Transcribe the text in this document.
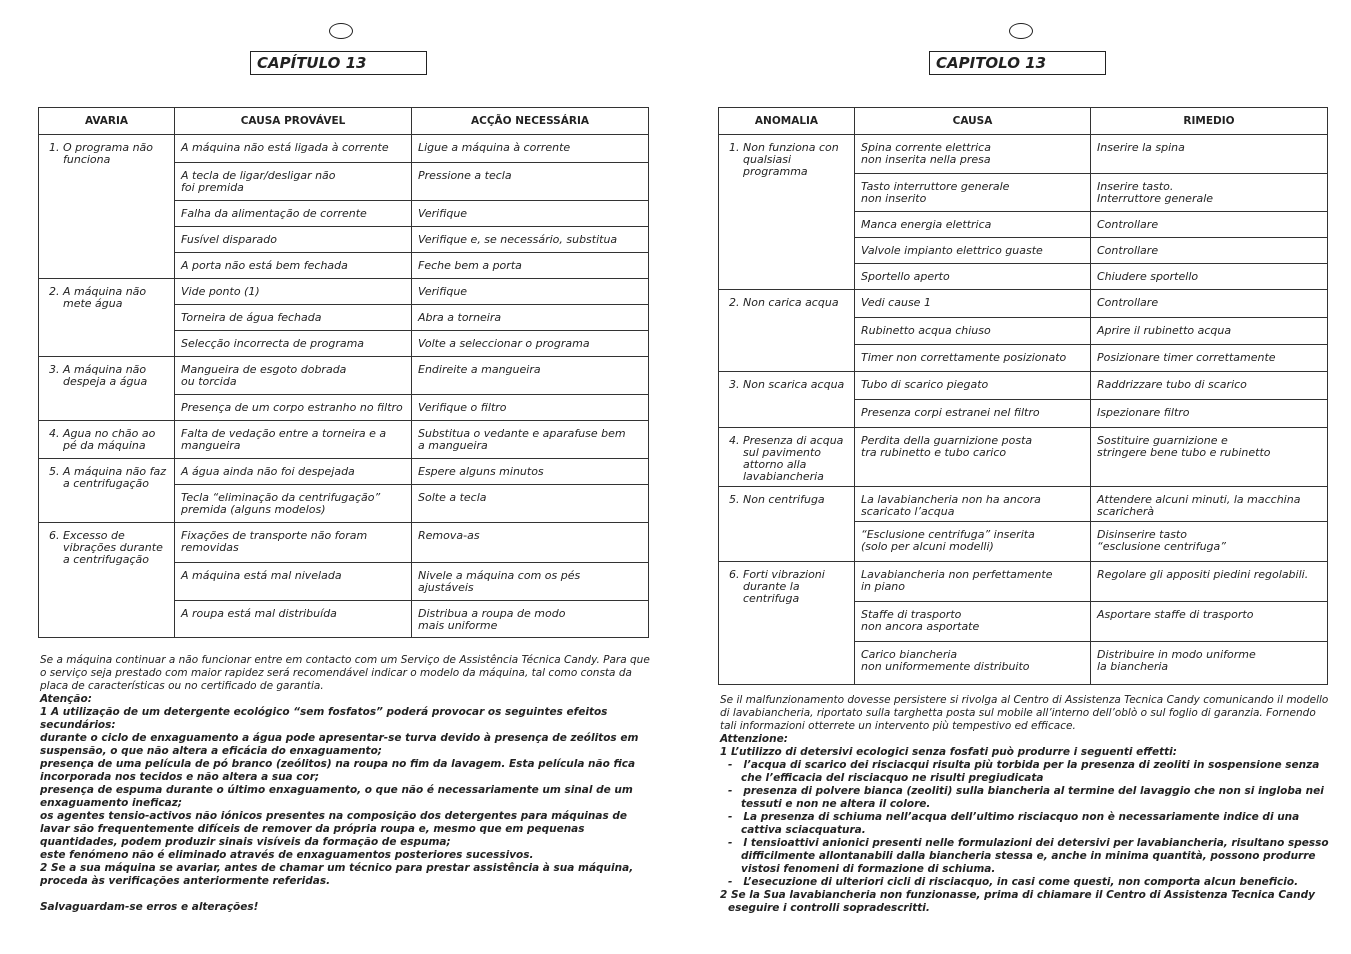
CAPÍTULO 13
AVARIA	CAUSA PROVÁVEL	ACÇÃO NECESSÁRIA

1. O programa não
funciona	A máquina não está ligada à corrente	Ligue a máquina à corrente
	A tecla de ligar/desligar não
foi premida	Pressione a tecla
	Falha da alimentação de corrente	Verifique
	Fusível disparado	Verifique e, se necessário, substitua
	A porta não está bem fechada	Feche bem a porta

2. A máquina não
mete água	Vide ponto (1)	Verifique
	Torneira de água fechada	Abra a torneira
	Selecção incorrecta de programa	Volte a seleccionar o programa

3. A máquina não
despeja a água	Mangueira de esgoto dobrada
ou torcida	Endireite a mangueira
	Presença de um corpo estranho no filtro	Verifique o filtro

4. Agua no chão ao
pé da máquina	Falta de vedação entre a torneira e a
mangueira	Substitua o vedante e aparafuse bem
a mangueira

5. A máquina não faz
a centrifugação	A água ainda não foi despejada	Espere alguns minutos
	Tecla “eliminação da centrifugação”
premida (alguns modelos)	Solte a tecla

6. Excesso de
vibrações durante
a centrifugação	Fixações de transporte não foram
removidas	Remova-as
	A máquina está mal nivelada	Nivele a máquina com os pés
ajustáveis
	A roupa está mal distribuída	Distribua a roupa de modo
mais uniforme

Se a máquina continuar a não funcionar entre em contacto com um Serviço de Assistência Técnica Candy. Para que o serviço seja prestado com maior rapidez será recomendável indicar o modelo da máquina, tal como consta da placa de características ou no certificado de garantia.

Atenção:

1 A utilização de um detergente ecológico “sem fosfatos” poderá provocar os seguintes efeitos secundários:

durante o ciclo de enxaguamento a água pode apresentar-se turva devido à presença de zeólitos em suspensão, o que não altera a eficácia do enxaguamento;

presença de uma película de pó branco (zeólitos) na roupa no fim da lavagem. Esta película não fica incorporada nos tecidos e não altera a sua cor;

presença de espuma durante o último enxaguamento, o que não é necessariamente um sinal de um enxaguamento ineficaz;

os agentes tensio-activos não iónicos presentes na composição dos detergentes para máquinas de lavar são frequentemente difíceis de remover da própria roupa e, mesmo que em pequenas quantidades, podem produzir sinais visíveis da formação de espuma;

este fenómeno não é eliminado através de enxaguamentos posteriores sucessivos.

2 Se a sua máquina se avariar, antes de chamar um técnico para prestar assistência à sua máquina, proceda às verificações anteriormente referidas.

Salvaguardam-se erros e alterações!

CAPITOLO 13
ANOMALIA	CAUSA	RIMEDIO

1. Non funziona con
qualsiasi
programma	Spina corrente elettrica
non inserita nella presa	Inserire la spina
	Tasto interruttore generale
non inserito	Inserire tasto.
Interruttore generale
	Manca energia elettrica	Controllare
	Valvole impianto elettrico guaste	Controllare
	Sportello aperto	Chiudere sportello

2. Non carica acqua	Vedi cause 1	Controllare
	Rubinetto acqua chiuso	Aprire il rubinetto acqua
	Timer non correttamente posizionato	Posizionare timer correttamente

3. Non scarica acqua	Tubo di scarico piegato	Raddrizzare tubo di scarico
	Presenza corpi estranei nel filtro	Ispezionare filtro

4. Presenza di acqua
sul pavimento
attorno alla
lavabiancheria	Perdita della guarnizione posta
tra rubinetto e tubo carico	Sostituire guarnizione e
stringere bene tubo e rubinetto

5. Non centrifuga	La lavabiancheria non ha ancora
scaricato l’acqua	Attendere alcuni minuti, la macchina
scaricherà
	“Esclusione centrifuga” inserita
(solo per alcuni modelli)	Disinserire tasto
“esclusione centrifuga”

6. Forti vibrazioni
durante la
centrifuga	Lavabiancheria non perfettamente
in piano	Regolare gli appositi piedini regolabili.
	Staffe di trasporto
non ancora asportate	Asportare staffe di trasporto
	Carico biancheria
non uniformemente distribuito	Distribuire in modo uniforme
la biancheria

Se il malfunzionamento dovesse persistere si rivolga al Centro di Assistenza Tecnica Candy comunicando il modello di lavabiancheria, riportato sulla targhetta posta sul mobile all’interno dell’oblò o sul foglio di garanzia. Fornendo tali informazioni otterrete un intervento più tempestivo ed efficace.

Attenzione:

1 L’utilizzo di detersivi ecologici senza fosfati può produrre i seguenti effetti:

-   l’acqua di scarico dei risciacqui risulta più torbida per la presenza di zeoliti in sospensione senza che l’efficacia del risciacquo ne risulti pregiudicata

-   presenza di polvere bianca (zeoliti) sulla biancheria al termine del lavaggio che non si ingloba nei tessuti e non ne altera il colore.

-   La presenza di schiuma nell’acqua dell’ultimo risciacquo non è necessariamente indice di una cattiva sciacquatura.

-   I tensioattivi anionici presenti nelle formulazioni dei detersivi per lavabiancheria, risultano spesso difficilmente allontanabili dalla biancheria stessa e, anche in minima quantità, possono produrre vistosi fenomeni di formazione di schiuma.

-   L’esecuzione di ulteriori cicli di risciacquo, in casi come questi, non comporta alcun beneficio.

2 Se la Sua lavabiancheria non funzionasse, prima di chiamare il Centro di Assistenza Tecnica Candy

eseguire i controlli sopradescritti.
